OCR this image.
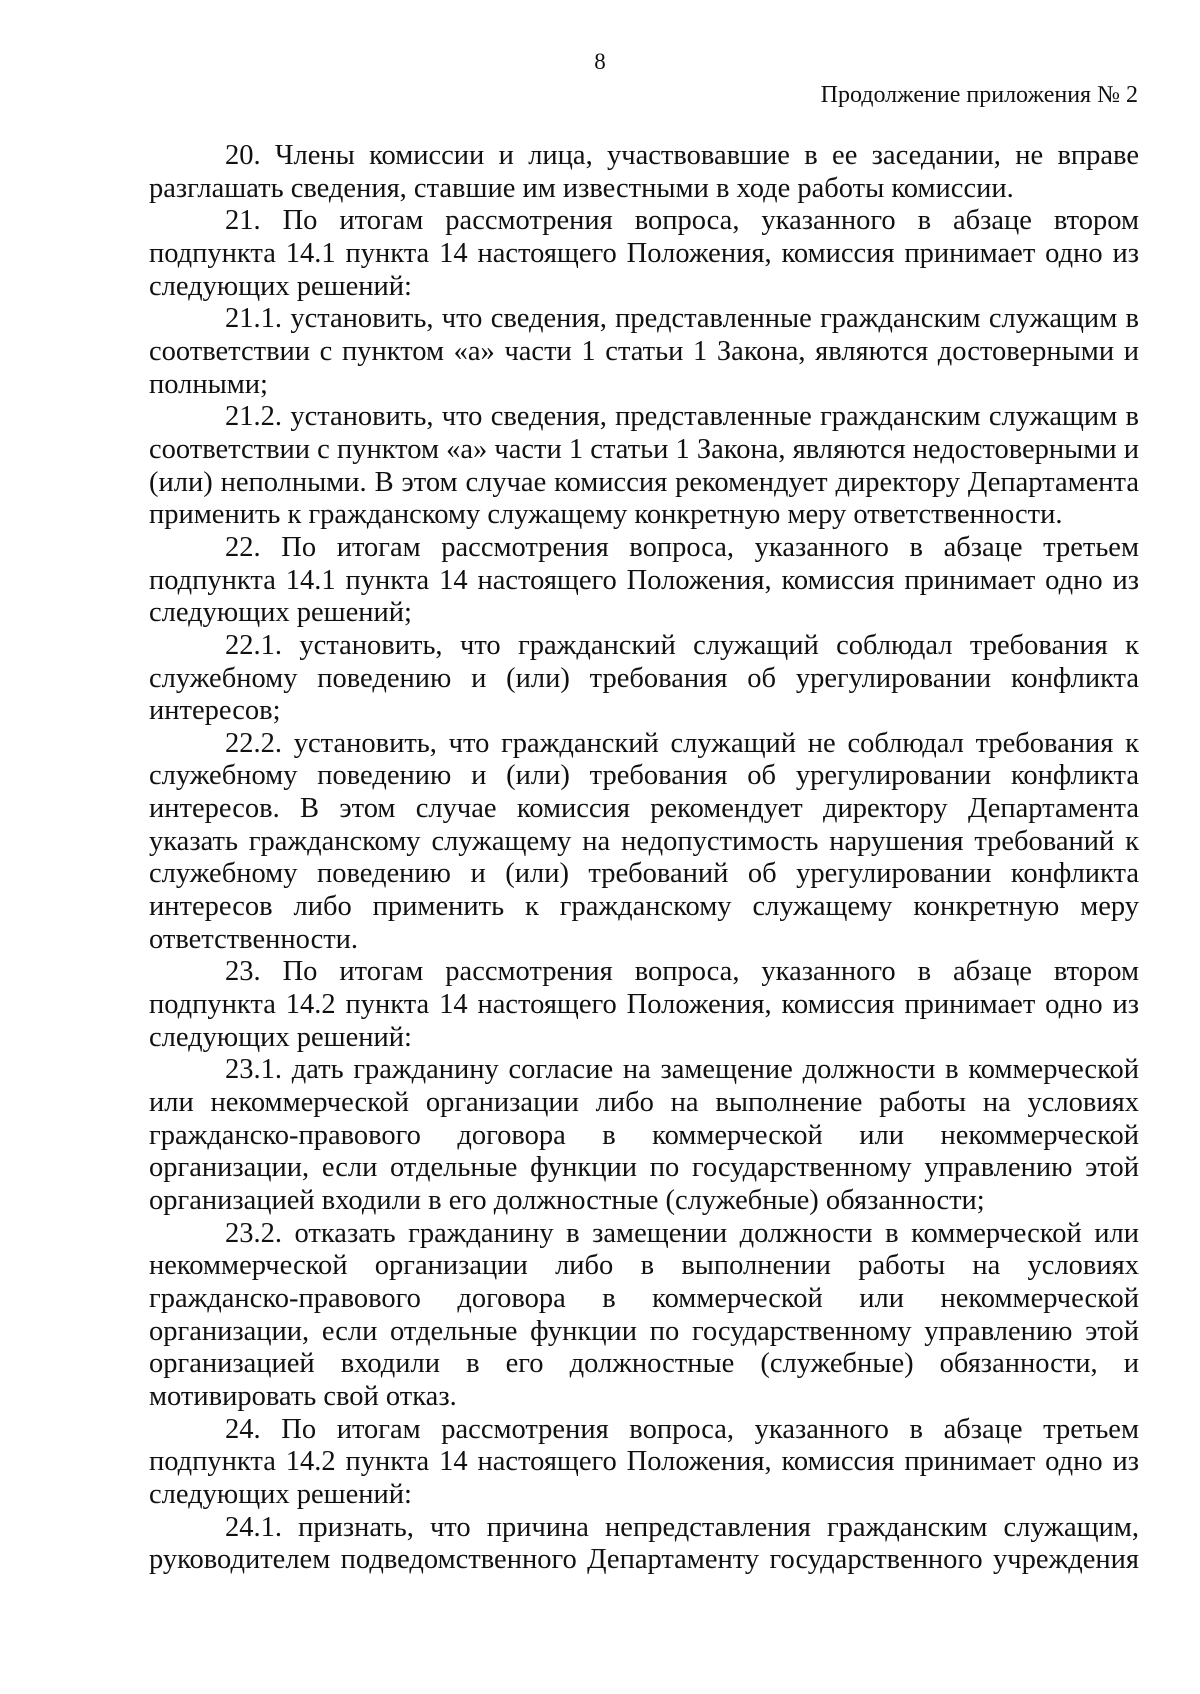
8
Продолжение приложения № 2

20. Члены комиссии и лица, участвовавшие в ее заседании, не вправе разглашать сведения, ставшие им известными в ходе работы комиссии.

21. По итогам рассмотрения вопроса, указанного в абзаце втором подпункта 14.1 пункта 14 настоящего Положения, комиссия принимает одно из следующих решений:

21.1. установить, что сведения, представленные гражданским служащим в соответствии с пунктом «а» части 1 статьи 1 Закона, являются достоверными и полными;

21.2. установить, что сведения, представленные гражданским служащим в соответствии с пунктом «а» части 1 статьи 1 Закона, являются недостоверными и (или) неполными. В этом случае комиссия рекомендует директору Департамента применить к гражданскому служащему конкретную меру ответственности.

22. По итогам рассмотрения вопроса, указанного в абзаце третьем подпункта 14.1 пункта 14 настоящего Положения, комиссия принимает одно из следующих решений;

22.1. установить, что гражданский служащий соблюдал требования к служебному поведению и (или) требования об урегулировании конфликта интересов;

22.2. установить, что гражданский служащий не соблюдал требования к служебному поведению и (или) требования об урегулировании конфликта интересов. В этом случае комиссия рекомендует директору Департамента указать гражданскому служащему на недопустимость нарушения требований к служебному поведению и (или) требований об урегулировании конфликта интересов либо применить к гражданскому служащему конкретную меру ответственности.

23. По итогам рассмотрения вопроса, указанного в абзаце втором подпункта 14.2 пункта 14 настоящего Положения, комиссия принимает одно из следующих решений:

23.1. дать гражданину согласие на замещение должности в коммерческой или некоммерческой организации либо на выполнение работы на условиях гражданско-правового договора в коммерческой или некоммерческой организации, если отдельные функции по государственному управлению этой организацией входили в его должностные (служебные) обязанности;

23.2. отказать гражданину в замещении должности в коммерческой или некоммерческой организации либо в выполнении работы на условиях гражданско-правового договора в коммерческой или некоммерческой организации, если отдельные функции по государственному управлению этой организацией входили в его должностные (служебные) обязанности, и мотивировать свой отказ.

24. По итогам рассмотрения вопроса, указанного в абзаце третьем подпункта 14.2 пункта 14 настоящего Положения, комиссия принимает одно из следующих решений:

24.1. признать, что причина непредставления гражданским служащим, руководителем подведомственного Департаменту государственного учреждения
